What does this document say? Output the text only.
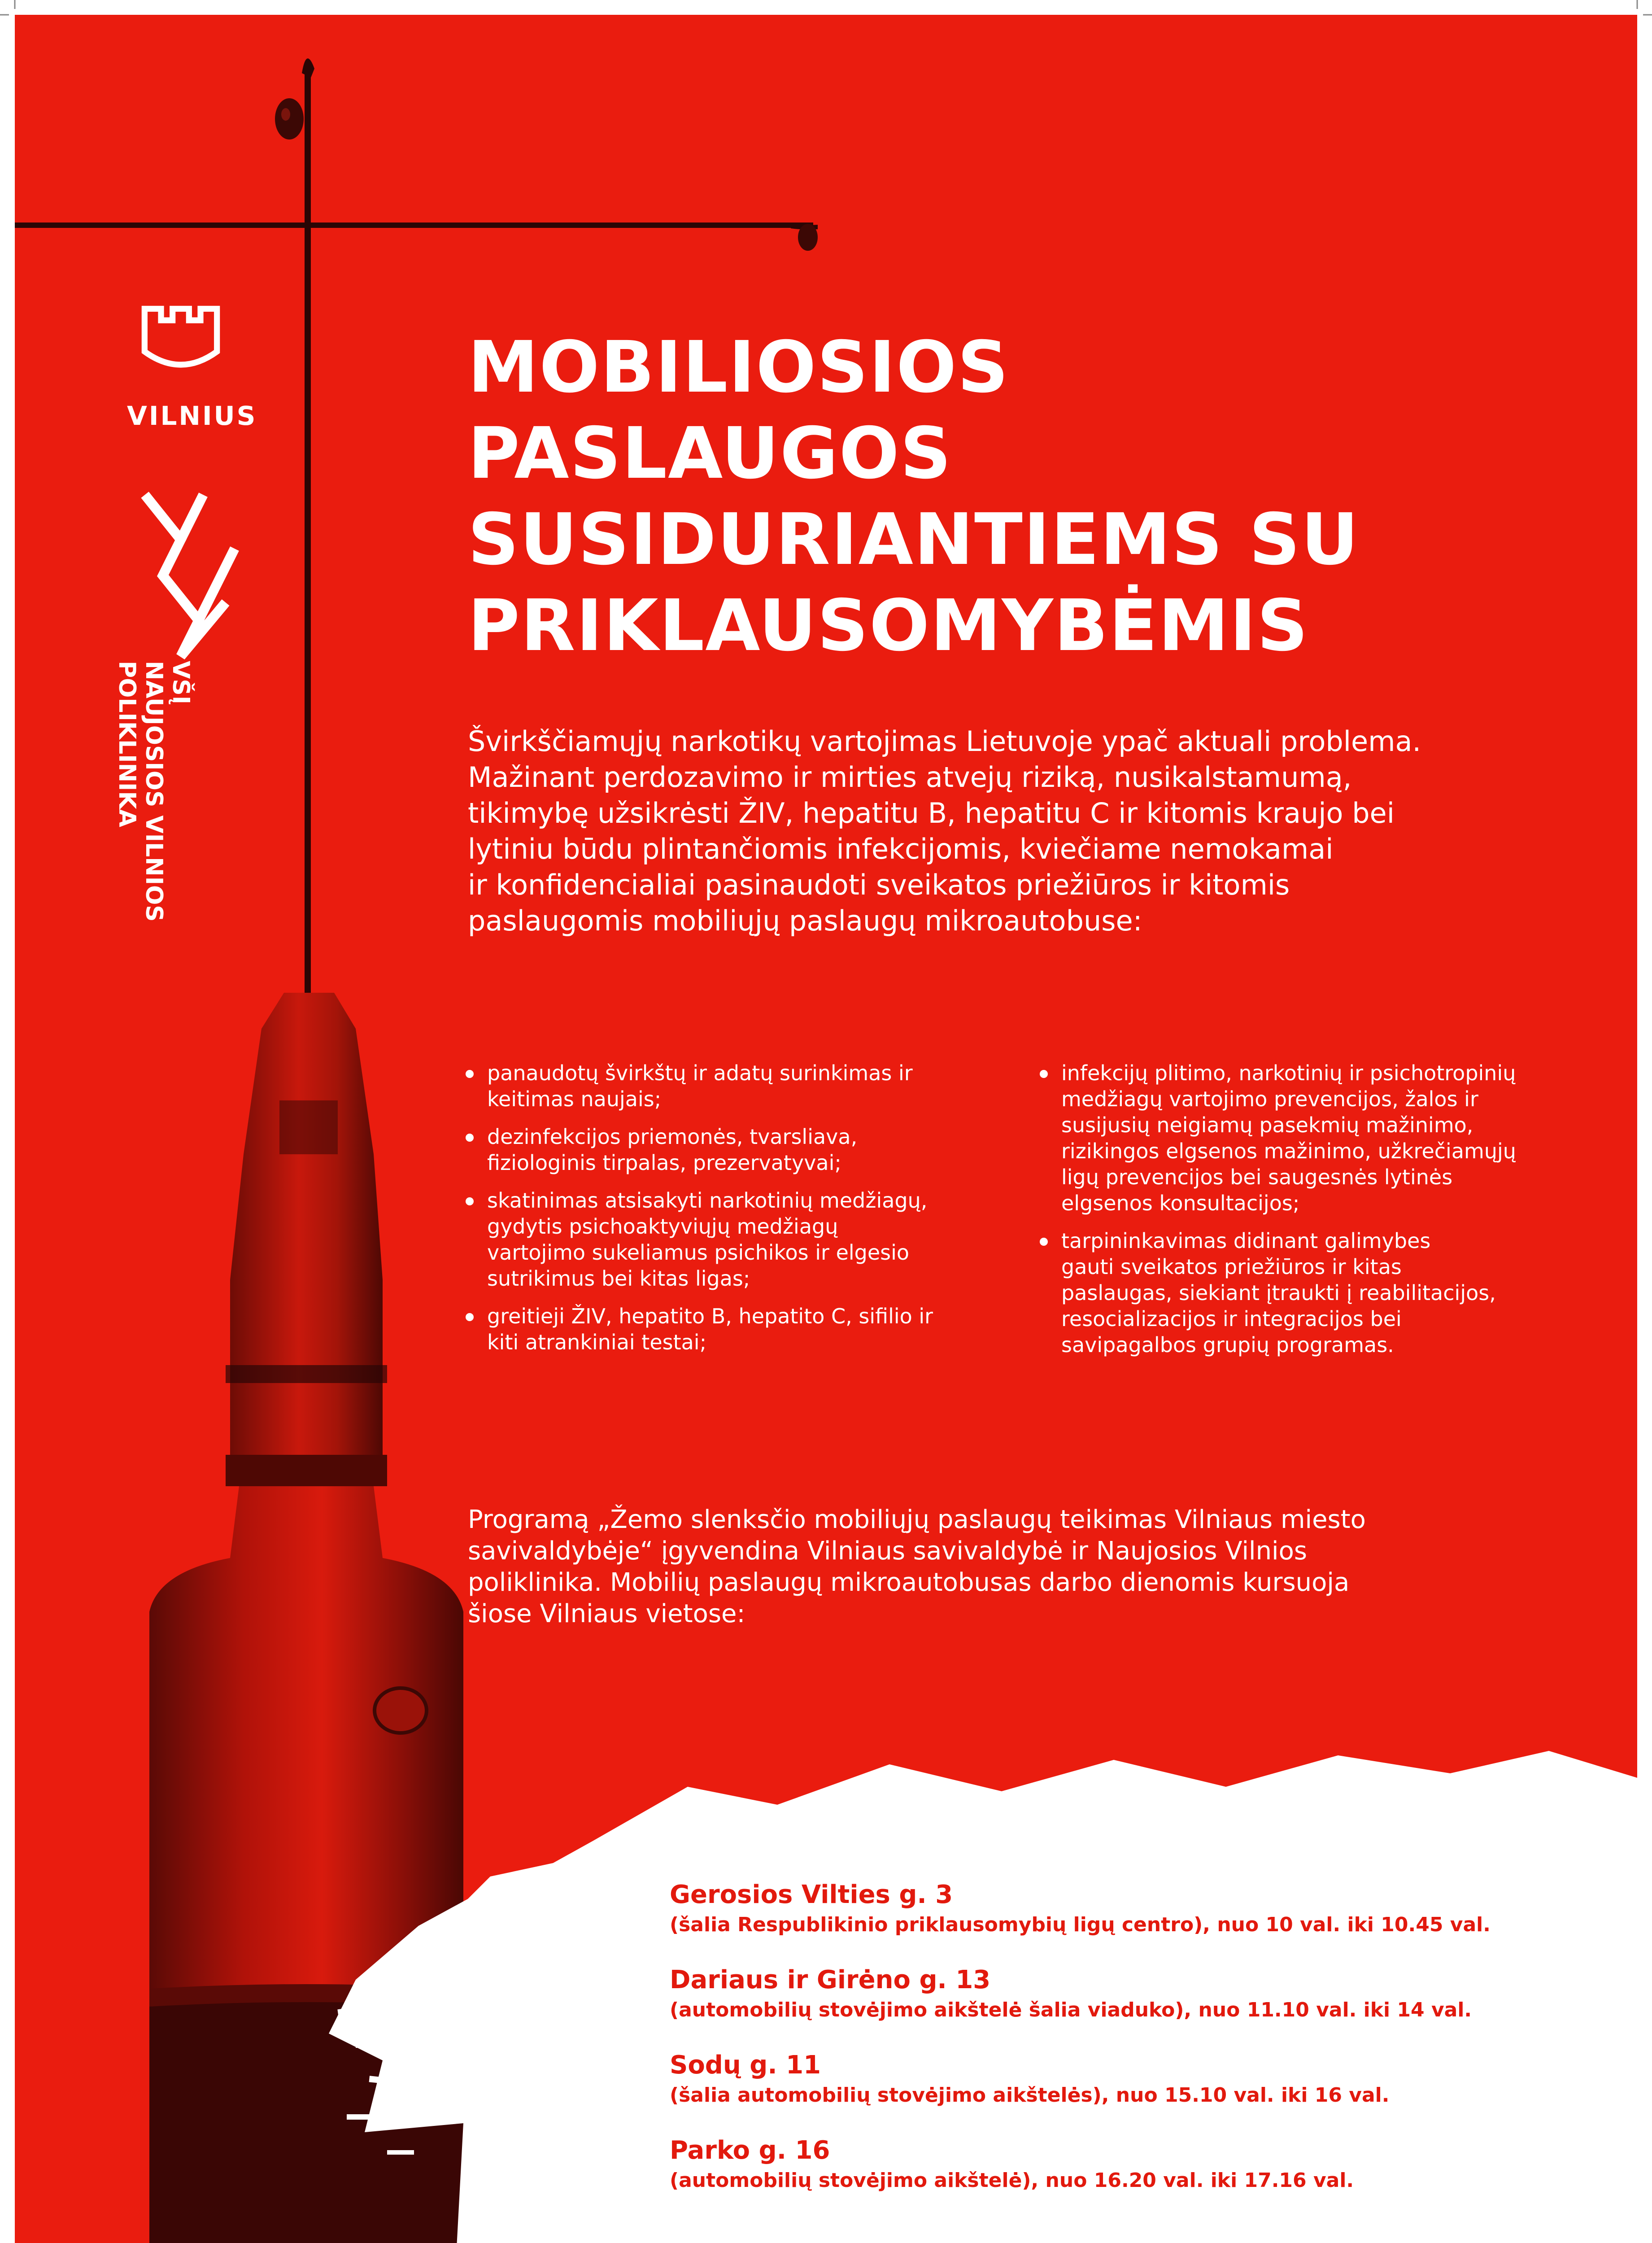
VILNIUS
VŠĮ
NAUJOSIOS VILNIOS
POLIKLINIKA
MOBILIOSIOS
PASLAUGOS
SUSIDURIANTIEMS SU
PRIKLAUSOMYBĖMIS

Švirkščiamųjų narkotikų vartojimas Lietuvoje ypač aktuali problema.
Mažinant perdozavimo ir mirties atvejų riziką, nusikalstamumą,
tikimybę užsikrėsti ŽIV, hepatitu B, hepatitu C ir kitomis kraujo bei
lytiniu būdu plintančiomis infekcijomis, kviečiame nemokamai
ir konfidencialiai pasinaudoti sveikatos priežiūros ir kitomis
paslaugomis mobiliųjų paslaugų mikroautobuse:

panaudotų švirkštų ir adatų surinkimas ir
keitimas naujais;
dezinfekcijos priemonės, tvarsliava,
fiziologinis tirpalas, prezervatyvai;
skatinimas atsisakyti narkotinių medžiagų,
gydytis psichoaktyviųjų medžiagų
vartojimo sukeliamus psichikos ir elgesio
sutrikimus bei kitas ligas;
greitieji ŽIV, hepatito B, hepatito C, sifilio ir
kiti atrankiniai testai;
infekcijų plitimo, narkotinių ir psichotropinių
medžiagų vartojimo prevencijos, žalos ir
susijusių neigiamų pasekmių mažinimo,
rizikingos elgsenos mažinimo, užkrečiamųjų
ligų prevencijos bei saugesnės lytinės
elgsenos konsultacijos;
tarpininkavimas didinant galimybes
gauti sveikatos priežiūros ir kitas
paslaugas, siekiant įtraukti į reabilitacijos,
resocializacijos ir integracijos bei
savipagalbos grupių programas.

Programą „Žemo slenksčio mobiliųjų paslaugų teikimas Vilniaus miesto
savivaldybėje“ įgyvendina Vilniaus savivaldybė ir Naujosios Vilnios
poliklinika. Mobilių paslaugų mikroautobusas darbo dienomis kursuoja
šiose Vilniaus vietose:

Gerosios Vilties g. 3
(šalia Respublikinio priklausomybių ligų centro), nuo 10 val. iki 10.45 val.

Dariaus ir Girėno g. 13
(automobilių stovėjimo aikštelė šalia viaduko), nuo 11.10 val. iki 14 val.

Sodų g. 11
(šalia automobilių stovėjimo aikštelės), nuo 15.10 val. iki 16 val.

Parko g. 16
(automobilių stovėjimo aikštelė), nuo 16.20 val. iki 17.16 val.
